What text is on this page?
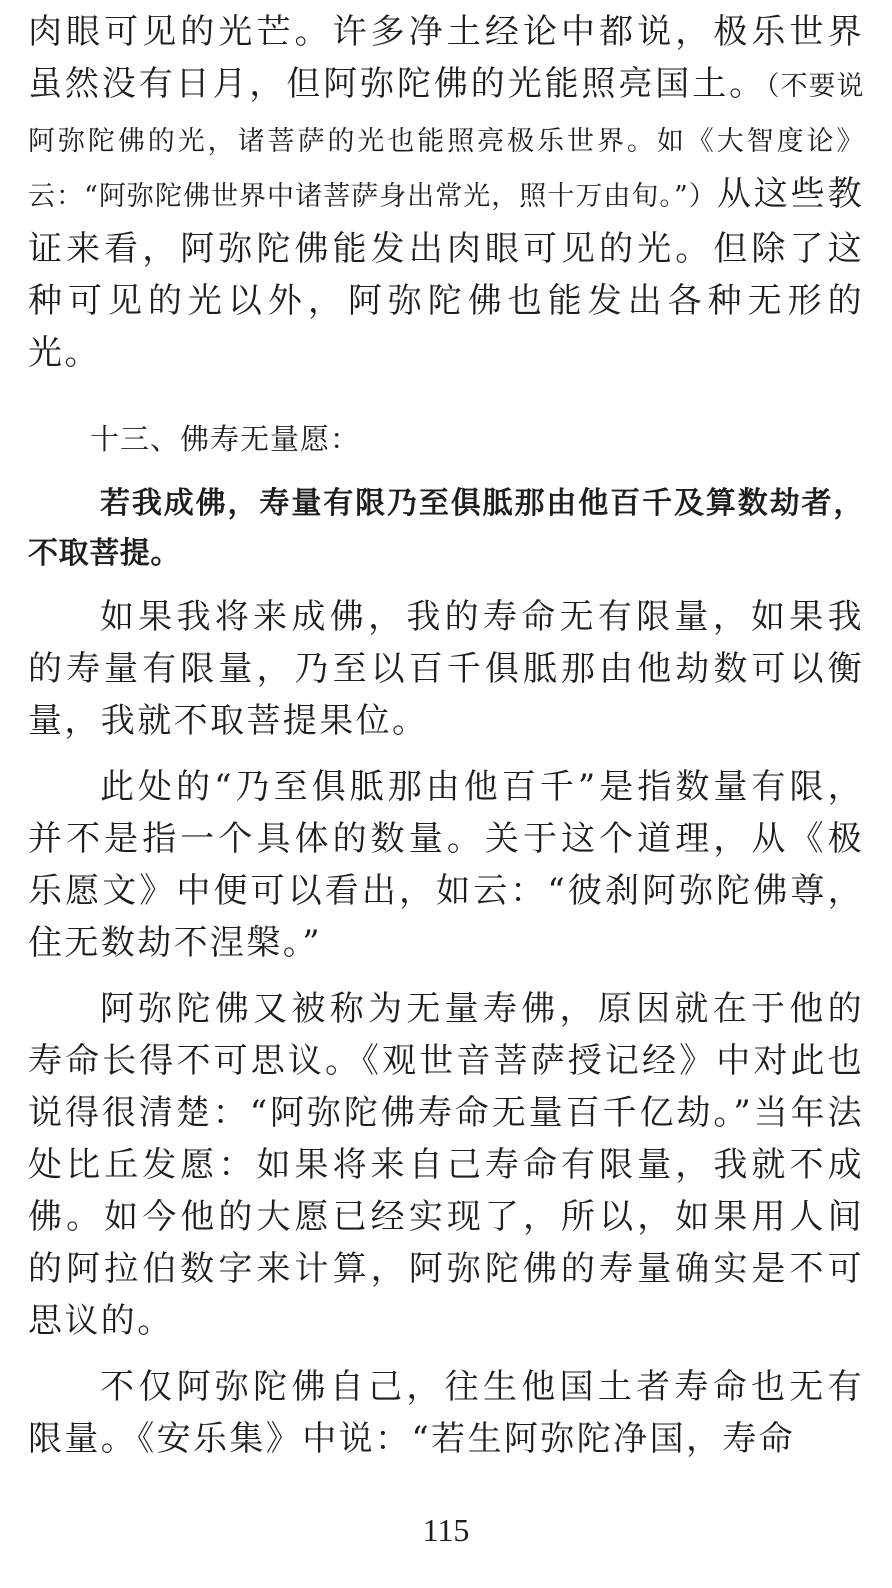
肉眼可见的光芒。许多净土经论中都说，极乐世界虽然没有日月，但阿弥陀佛的光能照亮国土。（不要说阿弥陀佛的光，诸菩萨的光也能照亮极乐世界。如《大智度论》云：“阿弥陀佛世界中诸菩萨身出常光，照十万由旬。”）从这些教证来看，阿弥陀佛能发出肉眼可见的光。但除了这种可见的光以外，阿弥陀佛也能发出各种无形的光。

十三、佛寿无量愿：

若我成佛，寿量有限乃至俱胝那由他百千及算数劫者，不取菩提。

如果我将来成佛，我的寿命无有限量，如果我的寿量有限量，乃至以百千俱胝那由他劫数可以衡量，我就不取菩提果位。

此处的“乃至俱胝那由他百千”是指数量有限，并不是指一个具体的数量。关于这个道理，从《极乐愿文》中便可以看出，如云：“彼刹阿弥陀佛尊，住无数劫不涅槃。”

阿弥陀佛又被称为无量寿佛，原因就在于他的寿命长得不可思议。《观世音菩萨授记经》中对此也说得很清楚：“阿弥陀佛寿命无量百千亿劫。”当年法处比丘发愿：如果将来自己寿命有限量，我就不成佛。如今他的大愿已经实现了，所以，如果用人间的阿拉伯数字来计算，阿弥陀佛的寿量确实是不可思议的。

不仅阿弥陀佛自己，往生他国土者寿命也无有限量。《安乐集》中说：“若生阿弥陀净国，寿命

115
